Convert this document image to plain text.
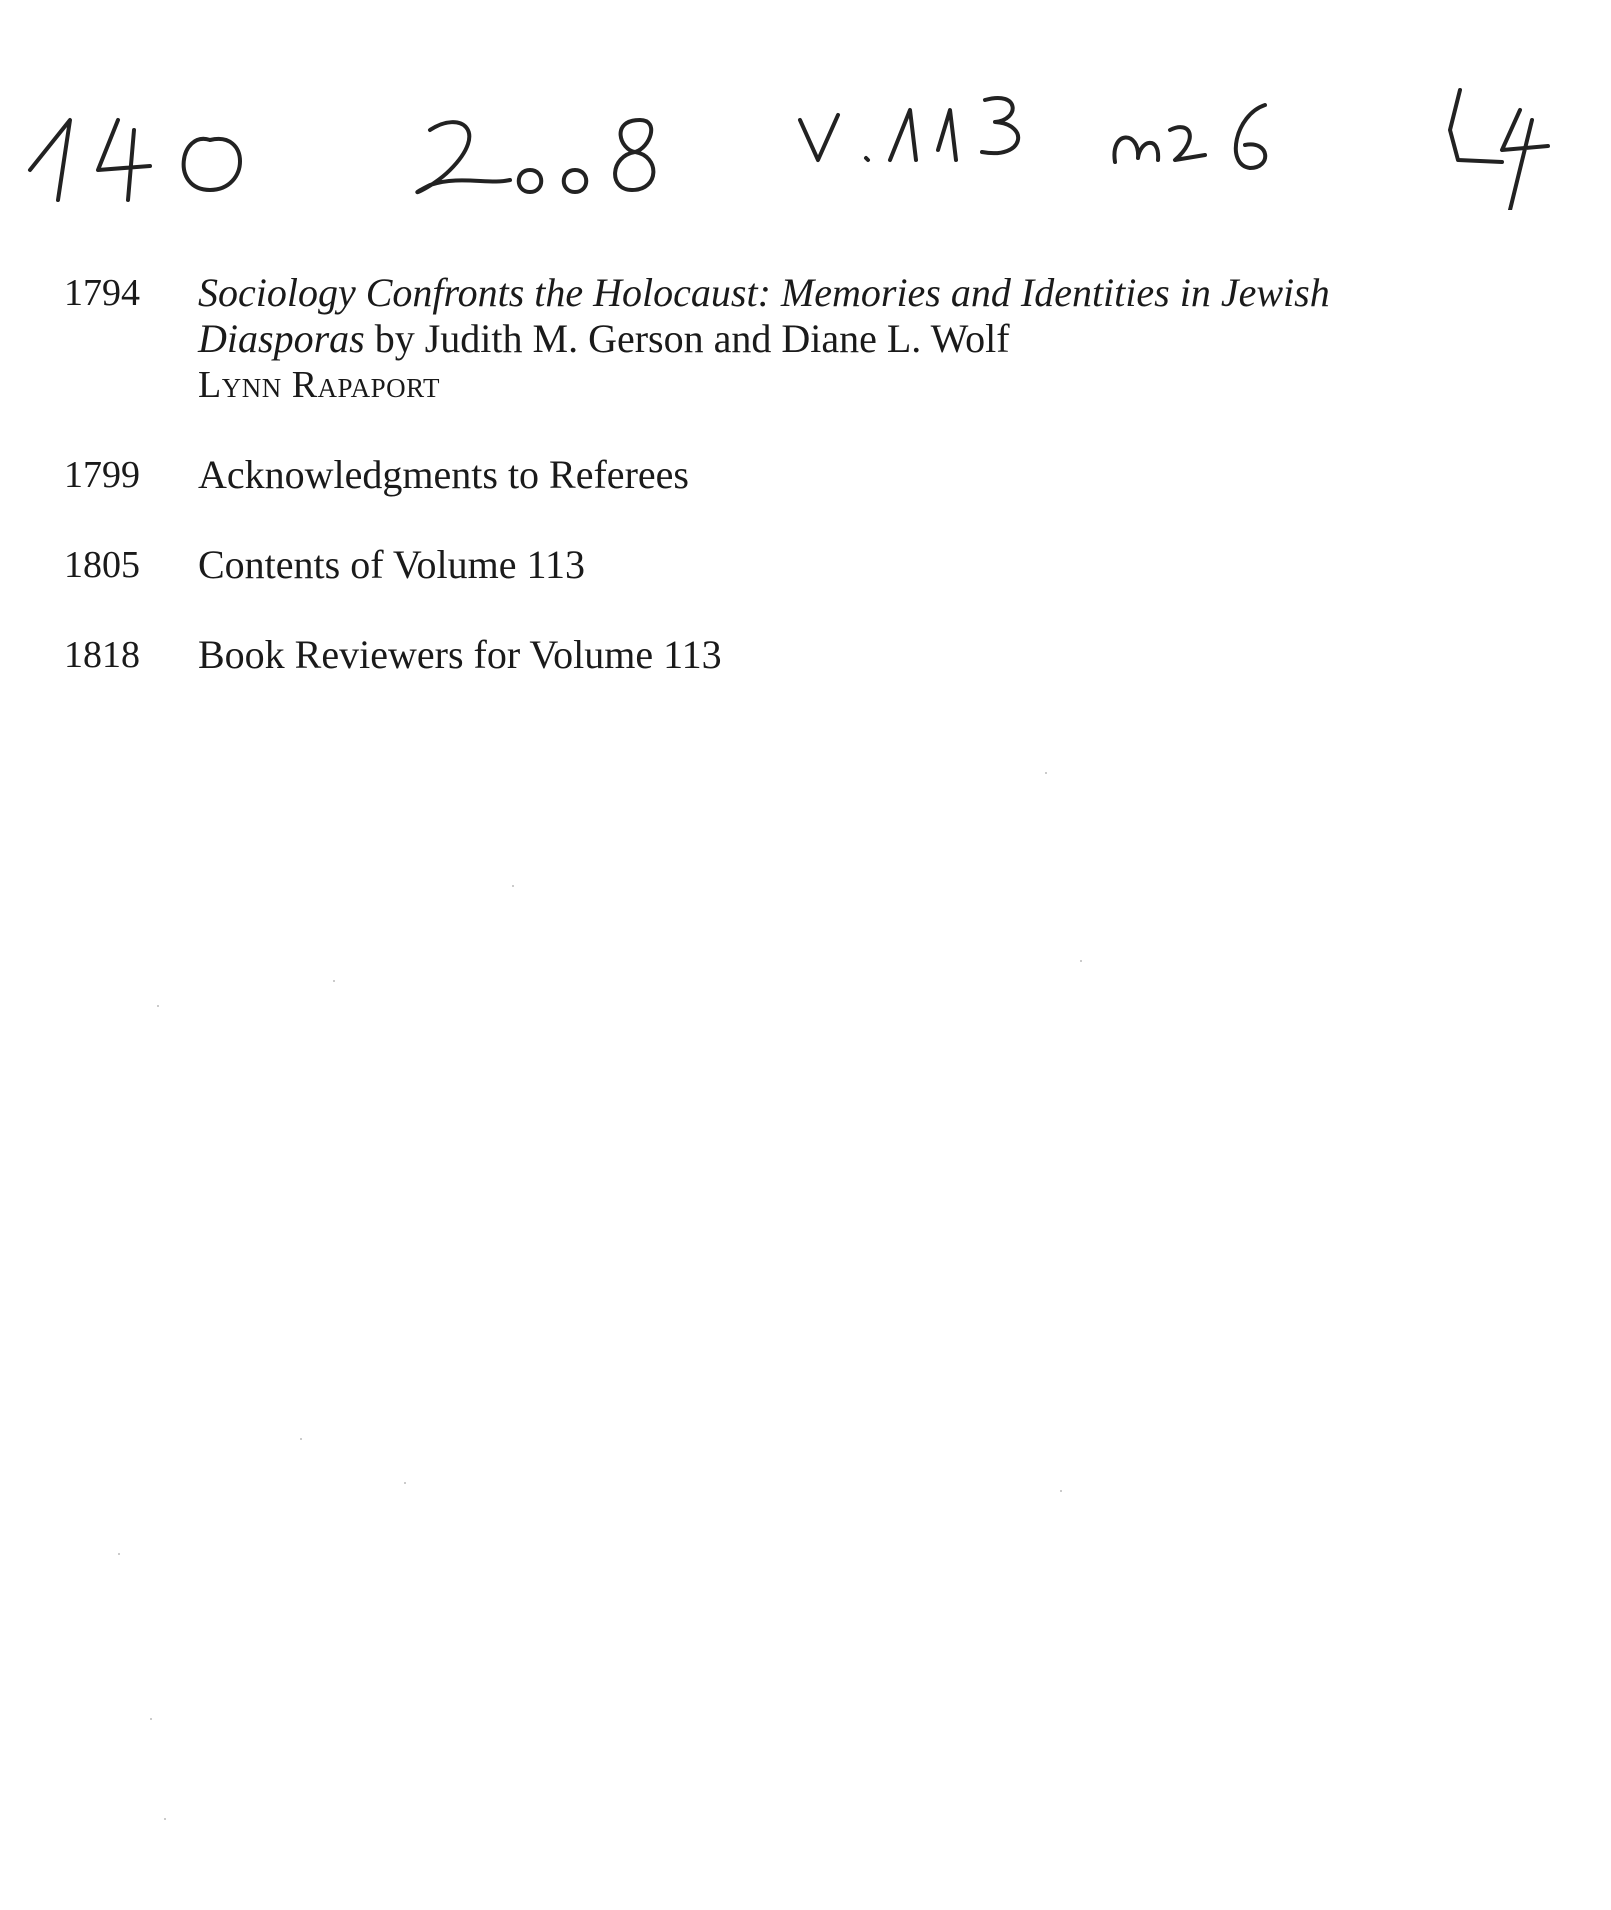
1794	Sociology Confronts the Holocaust: Memories and Identities in Jewish Diasporas by Judith M. Gerson and Diane L. Wolf
Lynn Rapaport
1799	Acknowledgments to Referees
1805	Contents of Volume 113
1818	Book Reviewers for Volume 113
